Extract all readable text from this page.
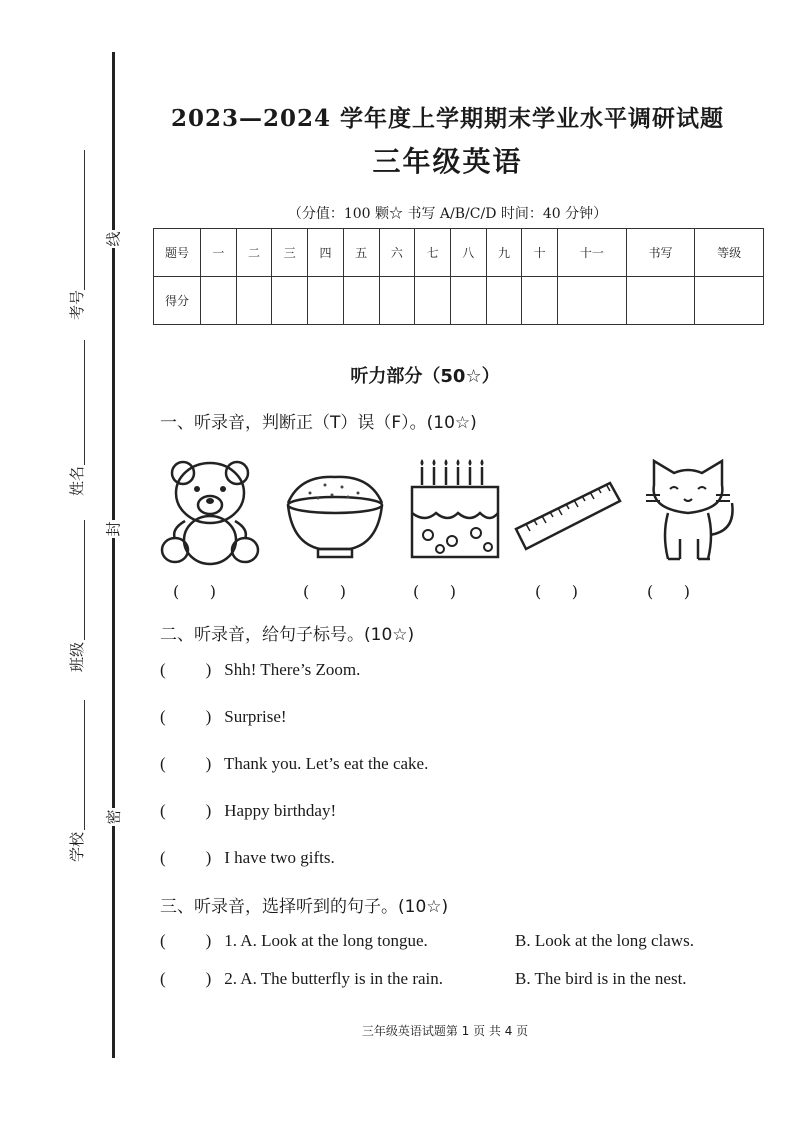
线
封
密
考号
姓名
班级
学校
2023—2024 学年度上学期期末学业水平调研试题
三年级英语
（分值：100 颗☆ 书写 A/B/C/D 时间：40 分钟）
题号	一	二	三	四	五	六	七	八	九	十	十一	书写	等级
得分													
听力部分（50☆）
一、听录音，判断正（T）误（F）。(10☆)
(      )	(      )	(      )	(      )	(      )
二、听录音，给句子标号。(10☆)
( ) Shh! There’s Zoom.
( ) Surprise!
( ) Thank you. Let’s eat the cake.
( ) Happy birthday!
( ) I have two gifts.
三、听录音，选择听到的句子。(10☆)
( ) 1. A. Look at the long tongue.	B. Look at the long claws.
( ) 2. A. The butterfly is in the rain.	B. The bird is in the nest.
三年级英语试题第 1 页 共 4 页
